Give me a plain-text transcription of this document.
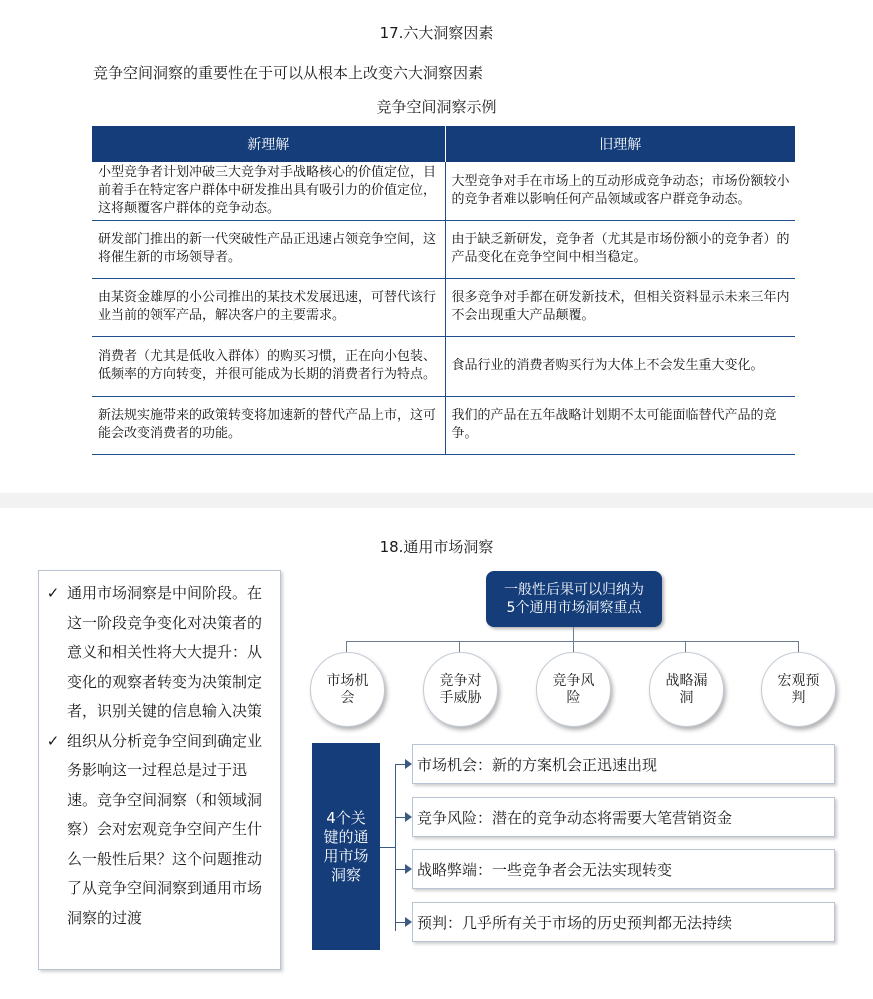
17.六大洞察因素
竞争空间洞察的重要性在于可以从根本上改变六大洞察因素
竞争空间洞察示例
新理解	旧理解
小型竞争者计划冲破三大竞争对手战略核心的价值定位，目前着手在特定客户群体中研发推出具有吸引力的价值定位，这将颠覆客户群体的竞争动态。	大型竞争对手在市场上的互动形成竞争动态；市场份额较小的竞争者难以影响任何产品领域或客户群竞争动态。
研发部门推出的新一代突破性产品正迅速占领竞争空间，这将催生新的市场领导者。	由于缺乏新研发，竞争者（尤其是市场份额小的竞争者）的产品变化在竞争空间中相当稳定。
由某资金雄厚的小公司推出的某技术发展迅速，可替代该行业当前的领军产品，解决客户的主要需求。	很多竞争对手都在研发新技术，但相关资料显示未来三年内不会出现重大产品颠覆。
消费者（尤其是低收入群体）的购买习惯，正在向小包装、低频率的方向转变，并很可能成为长期的消费者行为特点。	食品行业的消费者购买行为大体上不会发生重大变化。
新法规实施带来的政策转变将加速新的替代产品上市，这可能会改变消费者的功能。	我们的产品在五年战略计划期不太可能面临替代产品的竞争。
18.通用市场洞察
✓ 通用市场洞察是中间阶段。在这一阶段竞争变化对决策者的意义和相关性将大大提升：从变化的观察者转变为决策制定者，识别关键的信息输入决策
✓ 组织从分析竞争空间到确定业务影响这一过程总是过于迅速。竞争空间洞察（和领域洞察）会对宏观竞争空间产生什么一般性后果？这个问题推动了从竞争空间洞察到通用市场洞察的过渡
一般性后果可以归纳为5个通用市场洞察重点
市场机会
竞争对手威胁
竞争风险
战略漏洞
宏观预判
4个关键的通用市场洞察
市场机会：新的方案机会正迅速出现
竞争风险：潜在的竞争动态将需要大笔营销资金
战略弊端：一些竞争者会无法实现转变
预判：几乎所有关于市场的历史预判都无法持续
